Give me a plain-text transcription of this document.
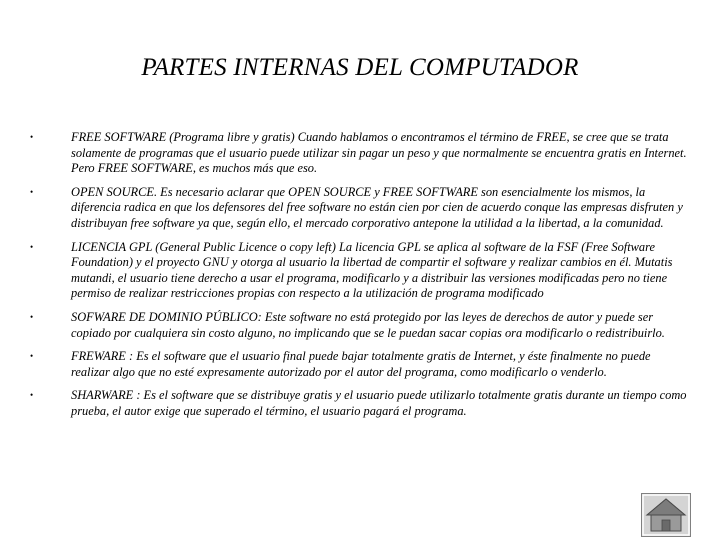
PARTES INTERNAS DEL COMPUTADOR
•	FREE SOFTWARE (Programa libre y gratis) Cuando hablamos o encontramos el término de FREE, se cree que se trata solamente de programas que el usuario puede utilizar sin pagar un peso y que normalmente se encuentra gratis en Internet. Pero FREE SOFTWARE, es muchos más que eso.
•	OPEN SOURCE. Es necesario aclarar que OPEN SOURCE y FREE SOFTWARE son esencialmente los mismos, la diferencia radica en que los defensores del free software no están cien por cien de acuerdo conque las empresas disfruten y distribuyan free software ya que, según ello, el mercado corporativo antepone la utilidad a la libertad, a la comunidad.
•	LICENCIA GPL (General Public Licence o copy left) La licencia GPL se aplica al software de la FSF (Free Software Foundation) y el proyecto GNU y otorga al usuario la libertad de compartir el software y realizar cambios en él. Mutatis mutandi, el usuario tiene derecho a usar el programa, modificarlo y a distribuir las versiones modificadas pero no tiene permiso de realizar restricciones propias con respecto a la utilización de programa modificado
•	SOFWARE DE DOMINIO PÚBLICO: Este software no está protegido por las leyes de derechos de autor y puede ser copiado por cualquiera sin costo alguno, no implicando que se le puedan sacar copias ora modificarlo o redistribuirlo.
•	FREWARE : Es el software que el usuario final puede bajar totalmente gratis de Internet, y éste finalmente no puede realizar algo que no esté expresamente autorizado por el autor del programa, como modificarlo o venderlo.
•	SHARWARE : Es el software que se distribuye gratis y el usuario puede utilizarlo totalmente gratis durante un tiempo como prueba, el autor exige que superado el término, el usuario pagará el programa.
